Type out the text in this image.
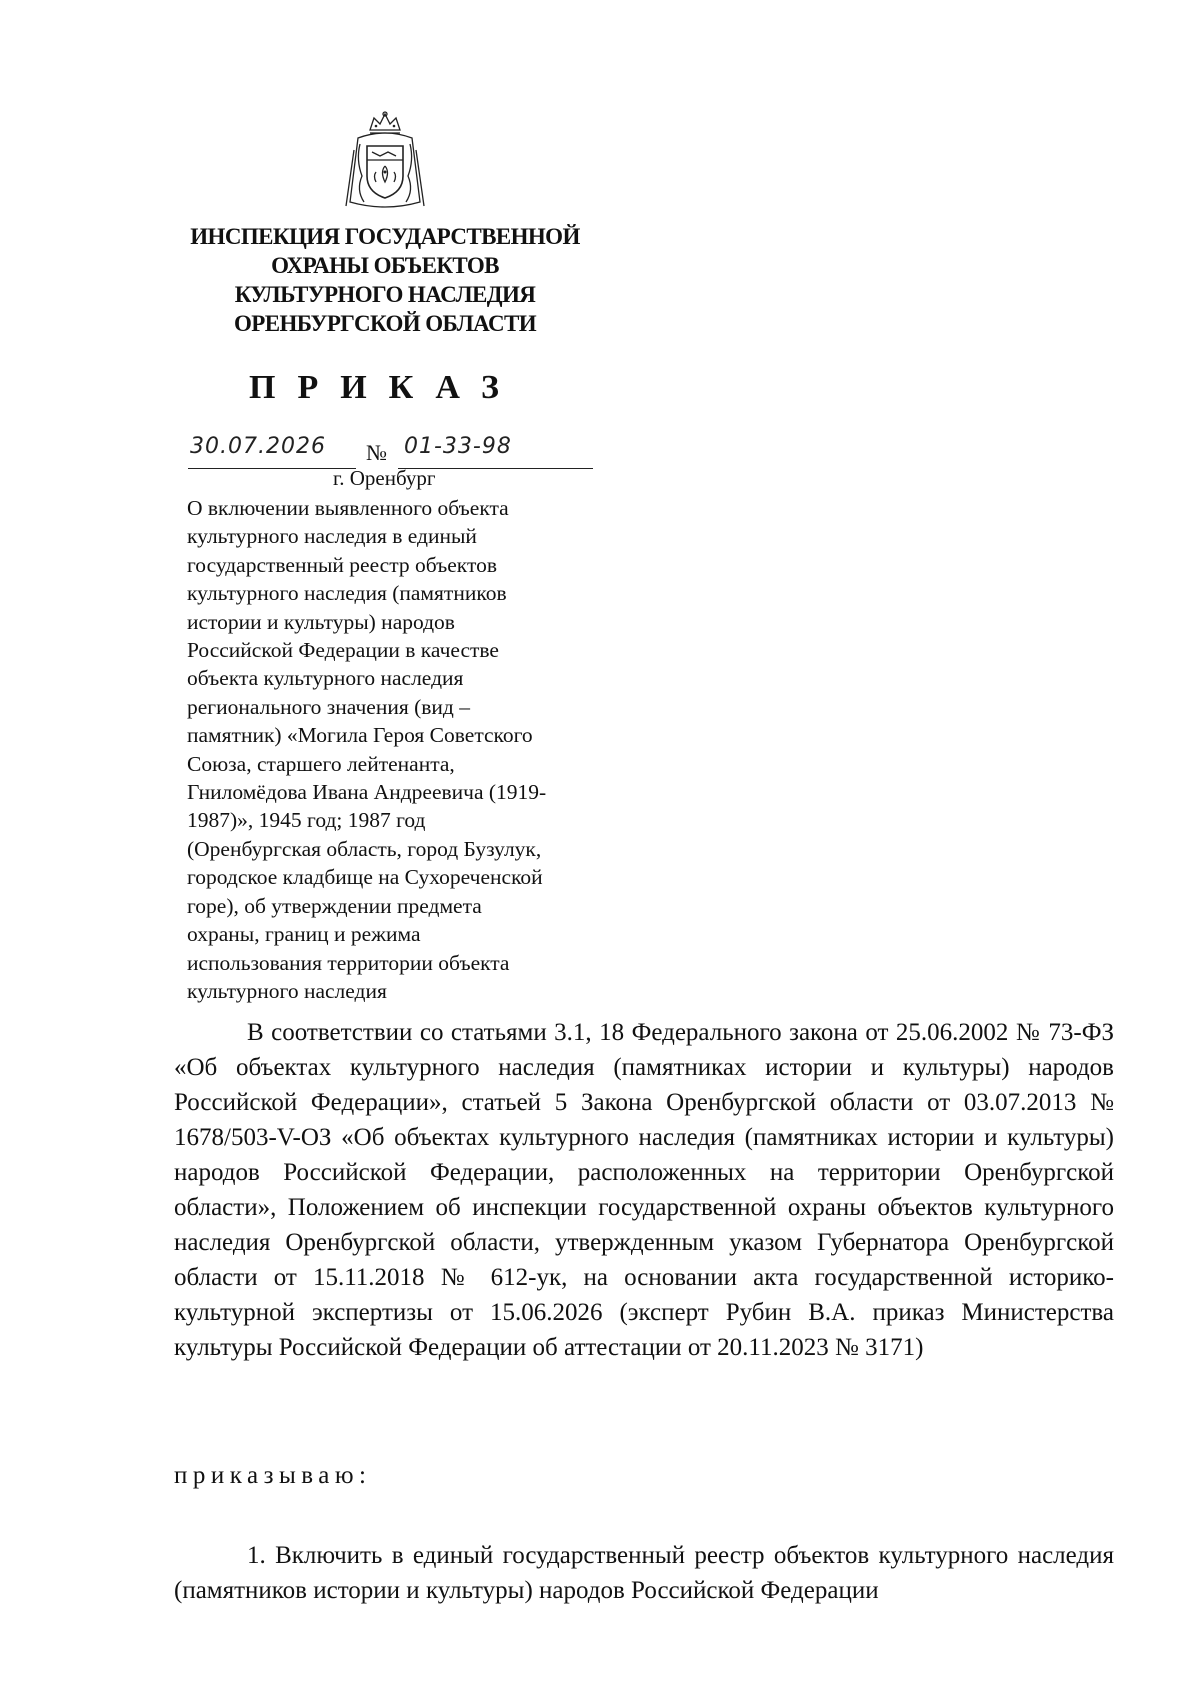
ИНСПЕКЦИЯ ГОСУДАРСТВЕННОЙ
ОХРАНЫ ОБЪЕКТОВ
КУЛЬТУРНОГО НАСЛЕДИЯ
ОРЕНБУРГСКОЙ ОБЛАСТИ
ПРИКАЗ
30.07.2026 № 01-33-98
г. Оренбург
О включении выявленного объекта
культурного наследия в единый
государственный реестр объектов
культурного наследия (памятников
истории и культуры) народов
Российской Федерации в качестве
объекта культурного наследия
регионального значения (вид –
памятник) «Могила Героя Советского
Союза, старшего лейтенанта,
Гниломёдова Ивана Андреевича (1919-
1987)», 1945 год; 1987 год
(Оренбургская область, город Бузулук,
городское кладбище на Сухореченской
горе), об утверждении предмета
охраны, границ и режима
использования территории объекта
культурного наследия

В соответствии со статьями 3.1, 18 Федерального закона от 25.06.2002 № 73-ФЗ «Об объектах культурного наследия (памятниках истории и культуры) народов Российской Федерации», статьей 5 Закона Оренбургской области от 03.07.2013 № 1678/503-V-ОЗ «Об объектах культурного наследия (памятниках истории и культуры) народов Российской Федерации, расположенных на территории Оренбургской области», Положением об инспекции государственной охраны объектов культурного наследия Оренбургской области, утвержденным указом Губернатора Оренбургской области от 15.11.2018 № 612-ук, на основании акта государственной историко-культурной экспертизы от 15.06.2026 (эксперт Рубин В.А. приказ Министерства культуры Российской Федерации об аттестации от 20.11.2023 № 3171)

приказываю:

1. Включить в единый государственный реестр объектов культурного наследия (памятников истории и культуры) народов Российской Федерации
